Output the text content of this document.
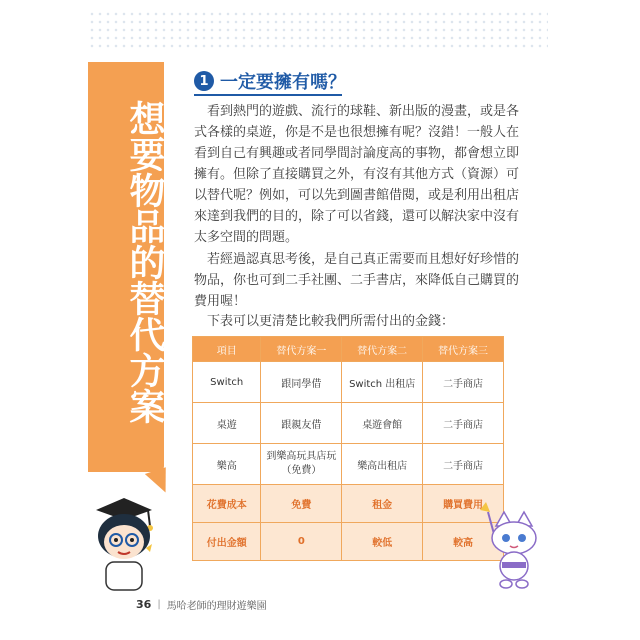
想要物品的替代方案
1 一定要擁有嗎？

看到熱門的遊戲、流行的球鞋、新出版的漫畫，或是各
式各樣的桌遊，你是不是也很想擁有呢？沒錯！一般人在
看到自己有興趣或者同學間討論度高的事物，都會想立即
擁有。但除了直接購買之外，有沒有其他方式（資源）可
以替代呢？例如，可以先到圖書館借閱，或是利用出租店
來達到我們的目的，除了可以省錢，還可以解決家中沒有
太多空間的問題。

若經過認真思考後，是自己真正需要而且想好好珍惜的
物品，你也可到二手社團、二手書店，來降低自己購買的
費用喔！

下表可以更清楚比較我們所需付出的金錢：

項目	替代方案一	替代方案二	替代方案三
Switch	跟同學借	Switch 出租店	二手商店
桌遊	跟親友借	桌遊會館	二手商店
樂高	到樂高玩具店玩
（免費）	樂高出租店	二手商店
花費成本	免費	租金	購買費用
付出金額	0	較低	較高
36 | 馬哈老師的理財遊樂園
